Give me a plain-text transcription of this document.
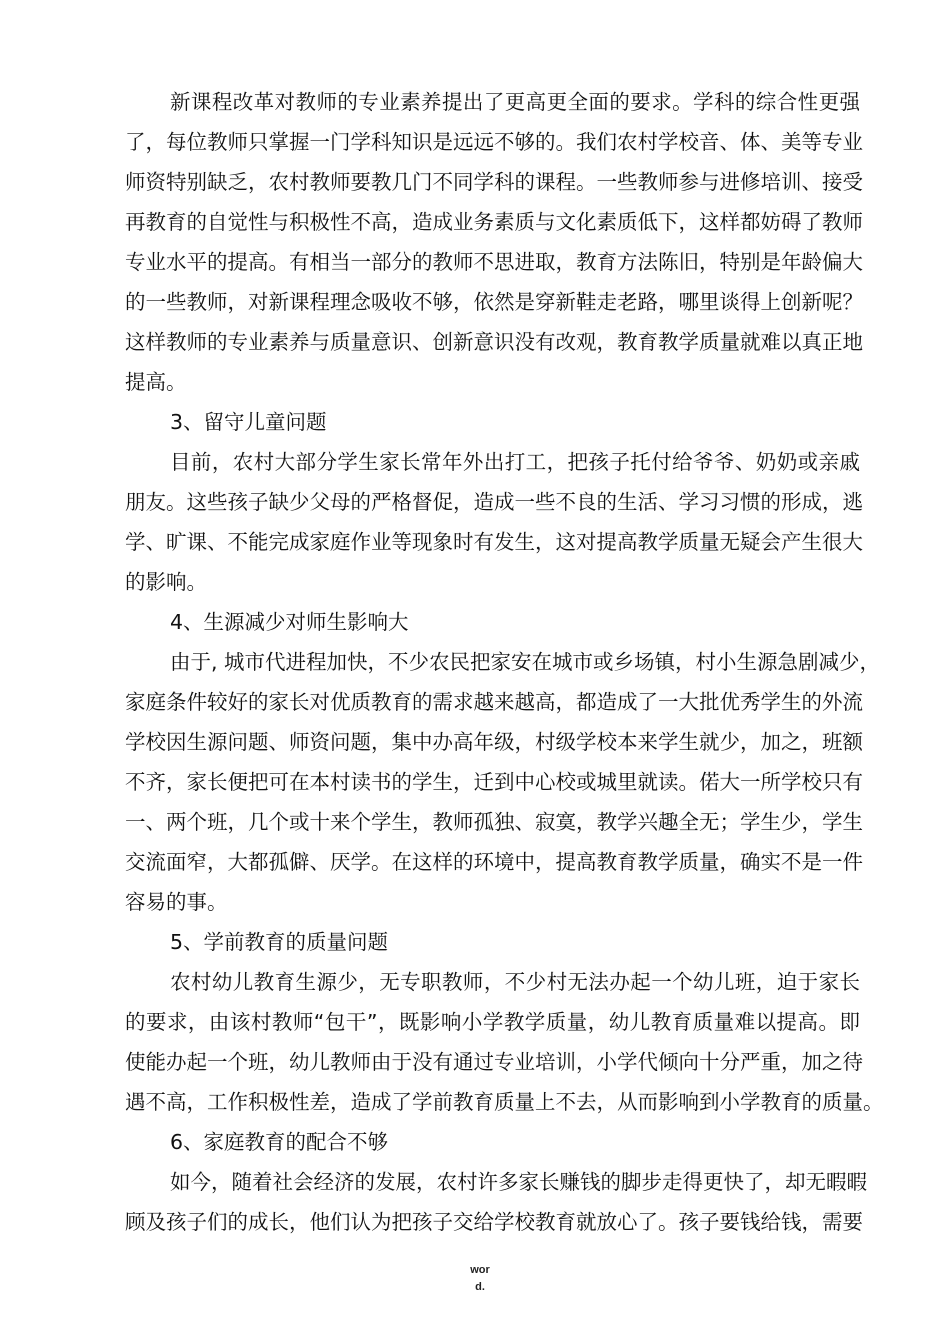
新课程改革对教师的专业素养提出了更高更全面的要求。学科的综合性更强
了，每位教师只掌握一门学科知识是远远不够的。我们农村学校音、体、美等专业
师资特别缺乏，农村教师要教几门不同学科的课程。一些教师参与进修培训、接受
再教育的自觉性与积极性不高，造成业务素质与文化素质低下，这样都妨碍了教师
专业水平的提高。有相当一部分的教师不思进取，教育方法陈旧，特别是年龄偏大
的一些教师，对新课程理念吸收不够，依然是穿新鞋走老路，哪里谈得上创新呢？
这样教师的专业素养与质量意识、创新意识没有改观，教育教学质量就难以真正地
提高。
3、留守儿童问题
目前，农村大部分学生家长常年外出打工，把孩子托付给爷爷、奶奶或亲戚
朋友。这些孩子缺少父母的严格督促，造成一些不良的生活、学习习惯的形成，逃
学、旷课、不能完成家庭作业等现象时有发生，这对提高教学质量无疑会产生很大
的影响。
4、生源减少对师生影响大
由于, 城市代进程加快，不少农民把家安在城市或乡场镇，村小生源急剧减少，
家庭条件较好的家长对优质教育的需求越来越高，都造成了一大批优秀学生的外流
学校因生源问题、师资问题，集中办高年级，村级学校本来学生就少，加之，班额
不齐，家长便把可在本村读书的学生，迁到中心校或城里就读。偌大一所学校只有
一、两个班，几个或十来个学生，教师孤独、寂寞，教学兴趣全无；学生少，学生
交流面窄，大都孤僻、厌学。在这样的环境中，提高教育教学质量，确实不是一件
容易的事。
5、学前教育的质量问题
农村幼儿教育生源少，无专职教师，不少村无法办起一个幼儿班，迫于家长
的要求，由该村教师“包干”，既影响小学教学质量，幼儿教育质量难以提高。即
使能办起一个班，幼儿教师由于没有通过专业培训，小学代倾向十分严重，加之待
遇不高，工作积极性差，造成了学前教育质量上不去，从而影响到小学教育的质量。
6、家庭教育的配合不够
如今，随着社会经济的发展，农村许多家长赚钱的脚步走得更快了，却无暇暇
顾及孩子们的成长，他们认为把孩子交给学校教育就放心了。孩子要钱给钱，需要
wor
d.
